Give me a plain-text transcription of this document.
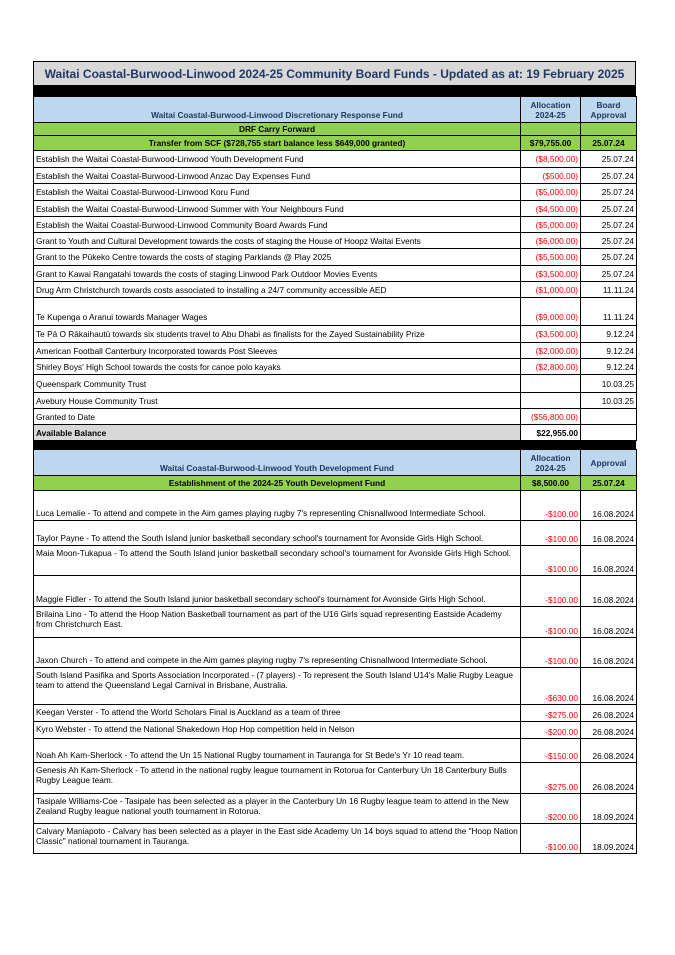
Waitai Coastal-Burwood-Linwood 2024-25 Community Board Funds - Updated as at: 19 February 2025
Waitai Coastal-Burwood-Linwood Discretionary Response Fund	Allocation 2024-25	Board Approval
DRF Carry Forward		
Transfer from SCF ($728,755 start balance less $649,000 granted)	$79,755.00	25.07.24
Establish the Waitai Coastal-Burwood-Linwood Youth Development Fund	($8,500.00)	25.07.24
Establish the Waitai Coastal-Burwood-Linwood Anzac Day Expenses Fund	($500.00)	25.07.24
Establish the Waitai Coastal-Burwood-Linwood Koru Fund	($5,000.00)	25.07.24
Establish the Waitai Coastal-Burwood-Linwood Summer with Your Neighbours Fund	($4,500.00)	25.07.24
Establish the Waitai Coastal-Burwood-Linwood Community Board Awards Fund	($5,000.00)	25.07.24
Grant to Youth and Cultural Development towards the costs of staging the House of Hoopz Waitai Events	($6,000.00)	25.07.24
Grant to the Pūkeko Centre towards the costs of staging Parklands @ Play 2025	($5,500.00)	25.07.24
Grant to Kawai Rangatahi towards the costs of staging Linwood Park Outdoor Movies Events	($3,500.00)	25.07.24
Drug Arm Christchurch towards costs associated to installing a 24/7 community accessible AED	($1,000.00)	11.11.24
Te Kupenga o Aranui towards Manager Wages	($9,000.00)	11.11.24
Te Pā O Rākaihautū towards six students travel to Abu Dhabi as finalists for the Zayed Sustainability Prize	($3,500.00)	9.12.24
American Football Canterbury Incorporated towards Post Sleeves	($2,000.00)	9.12.24
Shirley Boys' High School towards the costs for canoe polo kayaks	($2,800.00)	9.12.24
Queenspark Community Trust		10.03.25
Avebury House Community Trust		10.03.25
Granted to Date	($56,800.00)	
Available Balance	$22,955.00	
Waitai Coastal-Burwood-Linwood Youth Development Fund	Allocation 2024-25	Approval
Establishment of the 2024-25 Youth Development Fund	$8,500.00	25.07.24
Luca Lemalie - To attend and compete in the Aim games playing rugby 7's representing Chisnallwood Intermediate School.	-$100.00	16.08.2024
Taylor Payne - To attend the South Island junior basketball secondary school's tournament for Avonside Girls High School.	-$100.00	16.08.2024
Maia Moon-Tukapua - To attend the South Island junior basketball secondary school's tournament for Avonside Girls High School.	-$100.00	16.08.2024
Maggie Fidler - To attend the South Island junior basketball secondary school's tournament for Avonside Girls High School.	-$100.00	16.08.2024
Brilaina Lino - To attend the Hoop Nation Basketball tournament as part of the U16 Girls squad representing Eastside Academy from Christchurch East.	-$100.00	16.08.2024
Jaxon Church - To attend and compete in the Aim games playing rugby 7's representing Chisnallwood Intermediate School.	-$100.00	16.08.2024
South Island Pasifika and Sports Association Incorporated - (7 players) - To represent the South Island U14's Malie Rugby League team to attend the Queensland Legal Carnival in Brisbane, Australia.	-$630.00	16.08.2024
Keegan Verster - To attend the World Scholars Final is Auckland as a team of three	-$275.00	26.08.2024
Kyro Webster - To attend the National Shakedown Hop Hop competition held in Nelson	-$200.00	26.08.2024
Noah Ah Kam-Sherlock - To attend the Un 15 National Rugby tournament in Tauranga for St Bede's Yr 10 read team.	-$150.00	26.08.2024
Genesis Ah Kam-Sherlock - To attend in the national rugby league tournament in Rotorua for Canterbury Un 18 Canterbury Bulls Rugby League team.	-$275.00	26.08.2024
Tasipale Williams-Coe - Tasipale has been selected as a player in the Canterbury Un 16 Rugby league team to attend in the New Zealand Rugby league national youth tournament in Rotorua.	-$200.00	18.09.2024
Calvary Maniapoto - Calvary has been selected as a player in the East side Academy Un 14 boys squad to attend the "Hoop Nation Classic" national tournament in Tauranga.	-$100.00	18.09.2024
